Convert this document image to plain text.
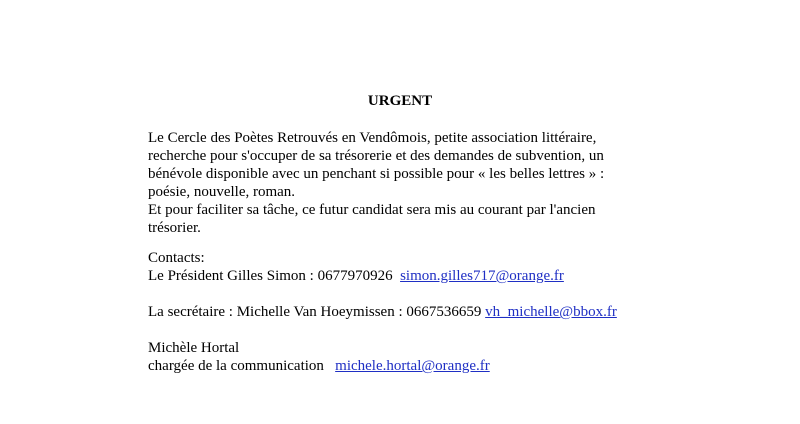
URGENT
Le Cercle des Poètes Retrouvés en Vendômois, petite association littéraire,
recherche pour s'occuper de sa trésorerie et des demandes de subvention, un
bénévole disponible avec un penchant si possible pour « les belles lettres » :
poésie, nouvelle, roman.
Et pour faciliter sa tâche, ce futur candidat sera mis au courant par l'ancien
trésorier.
Contacts:
Le Président Gilles Simon : 0677970926  simon.gilles717@orange.fr
La secrétaire : Michelle Van Hoeymissen : 0667536659 vh_michelle@bbox.fr
Michèle Hortal
chargée de la communication   michele.hortal@orange.fr
